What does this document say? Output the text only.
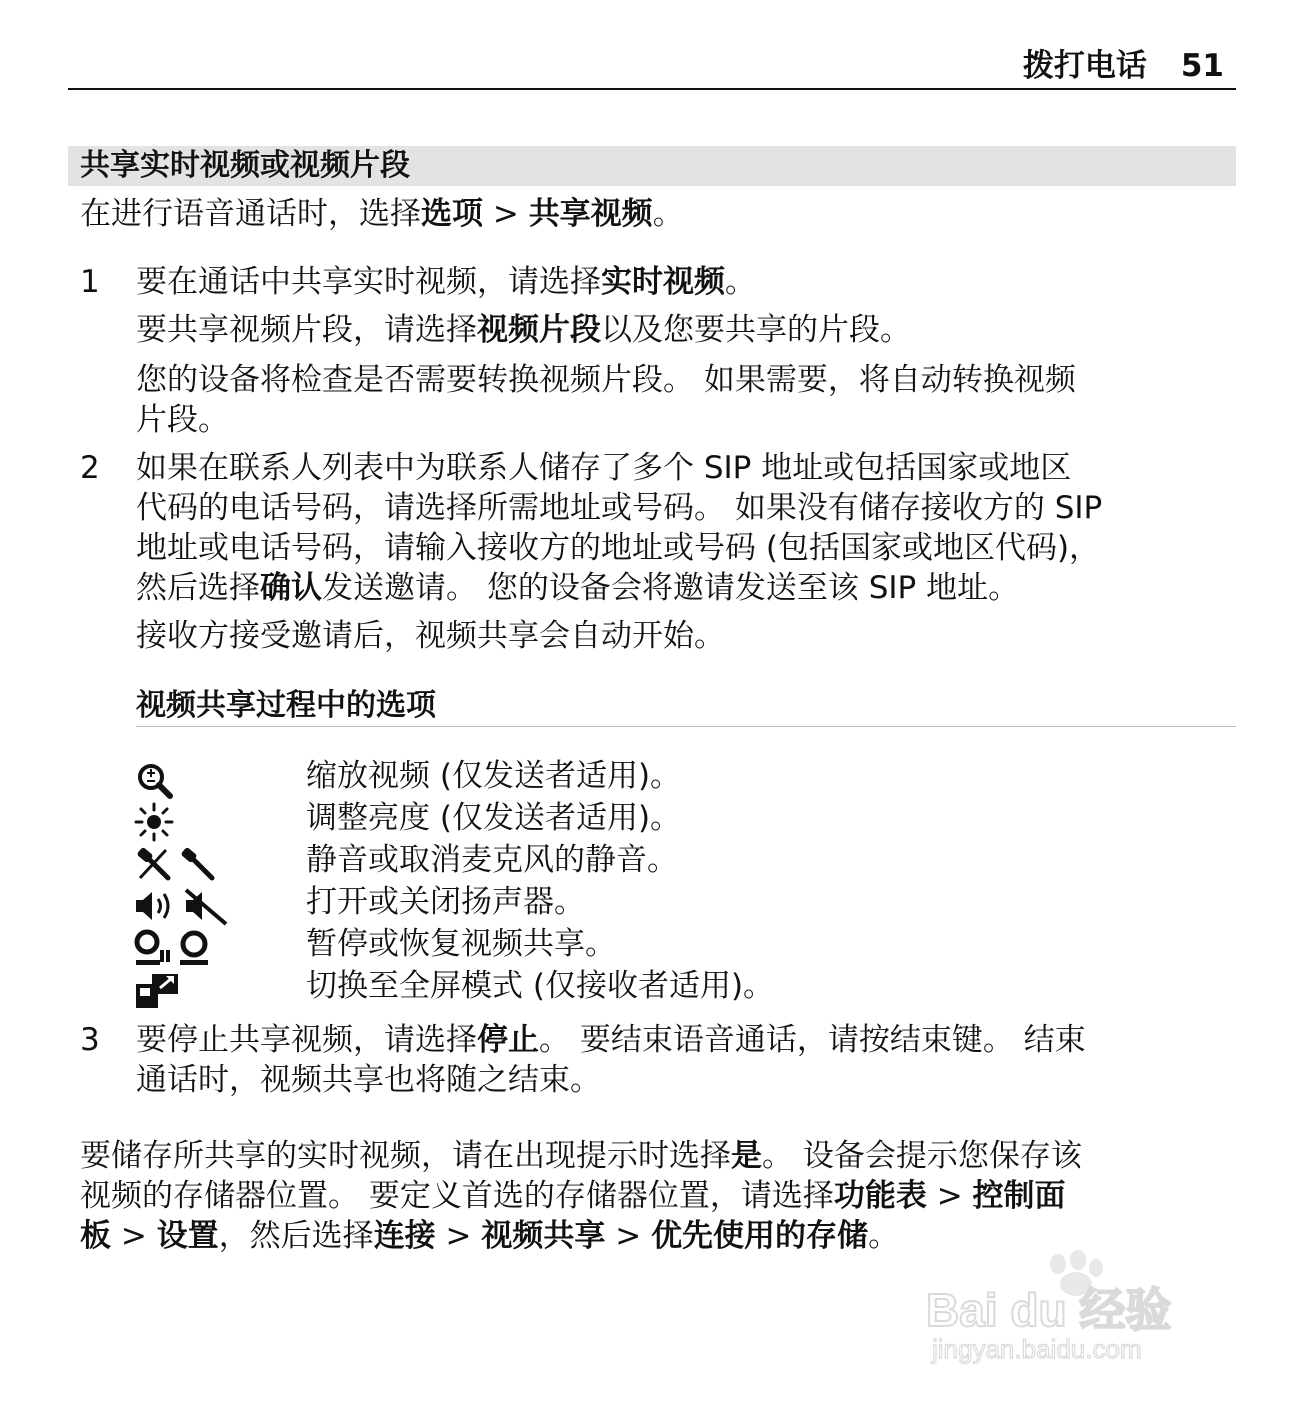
拨打电话 51
共享实时视频或视频片段
在进行语音通话时，选择选项 > 共享视频。
1 要在通话中共享实时视频，请选择实时视频。
要共享视频片段，请选择视频片段以及您要共享的片段。
您的设备将检查是否需要转换视频片段。 如果需要，将自动转换视频
片段。
2 如果在联系人列表中为联系人储存了多个 SIP 地址或包括国家或地区
代码的电话号码，请选择所需地址或号码。 如果没有储存接收方的 SIP
地址或电话号码，请输入接收方的地址或号码 (包括国家或地区代码)，
然后选择确认发送邀请。 您的设备会将邀请发送至该 SIP 地址。
接收方接受邀请后，视频共享会自动开始。
视频共享过程中的选项
缩放视频 (仅发送者适用)。
调整亮度 (仅发送者适用)。
静音或取消麦克风的静音。
打开或关闭扬声器。
暂停或恢复视频共享。
切换至全屏模式 (仅接收者适用)。
3 要停止共享视频，请选择停止。 要结束语音通话，请按结束键。 结束
通话时，视频共享也将随之结束。
要储存所共享的实时视频，请在出现提示时选择是。 设备会提示您保存该
视频的存储器位置。 要定义首选的存储器位置，请选择功能表 > 控制面
板 > 设置，然后选择连接 > 视频共享 > 优先使用的存储。
Bai du 经验
jingyan.baidu.com
